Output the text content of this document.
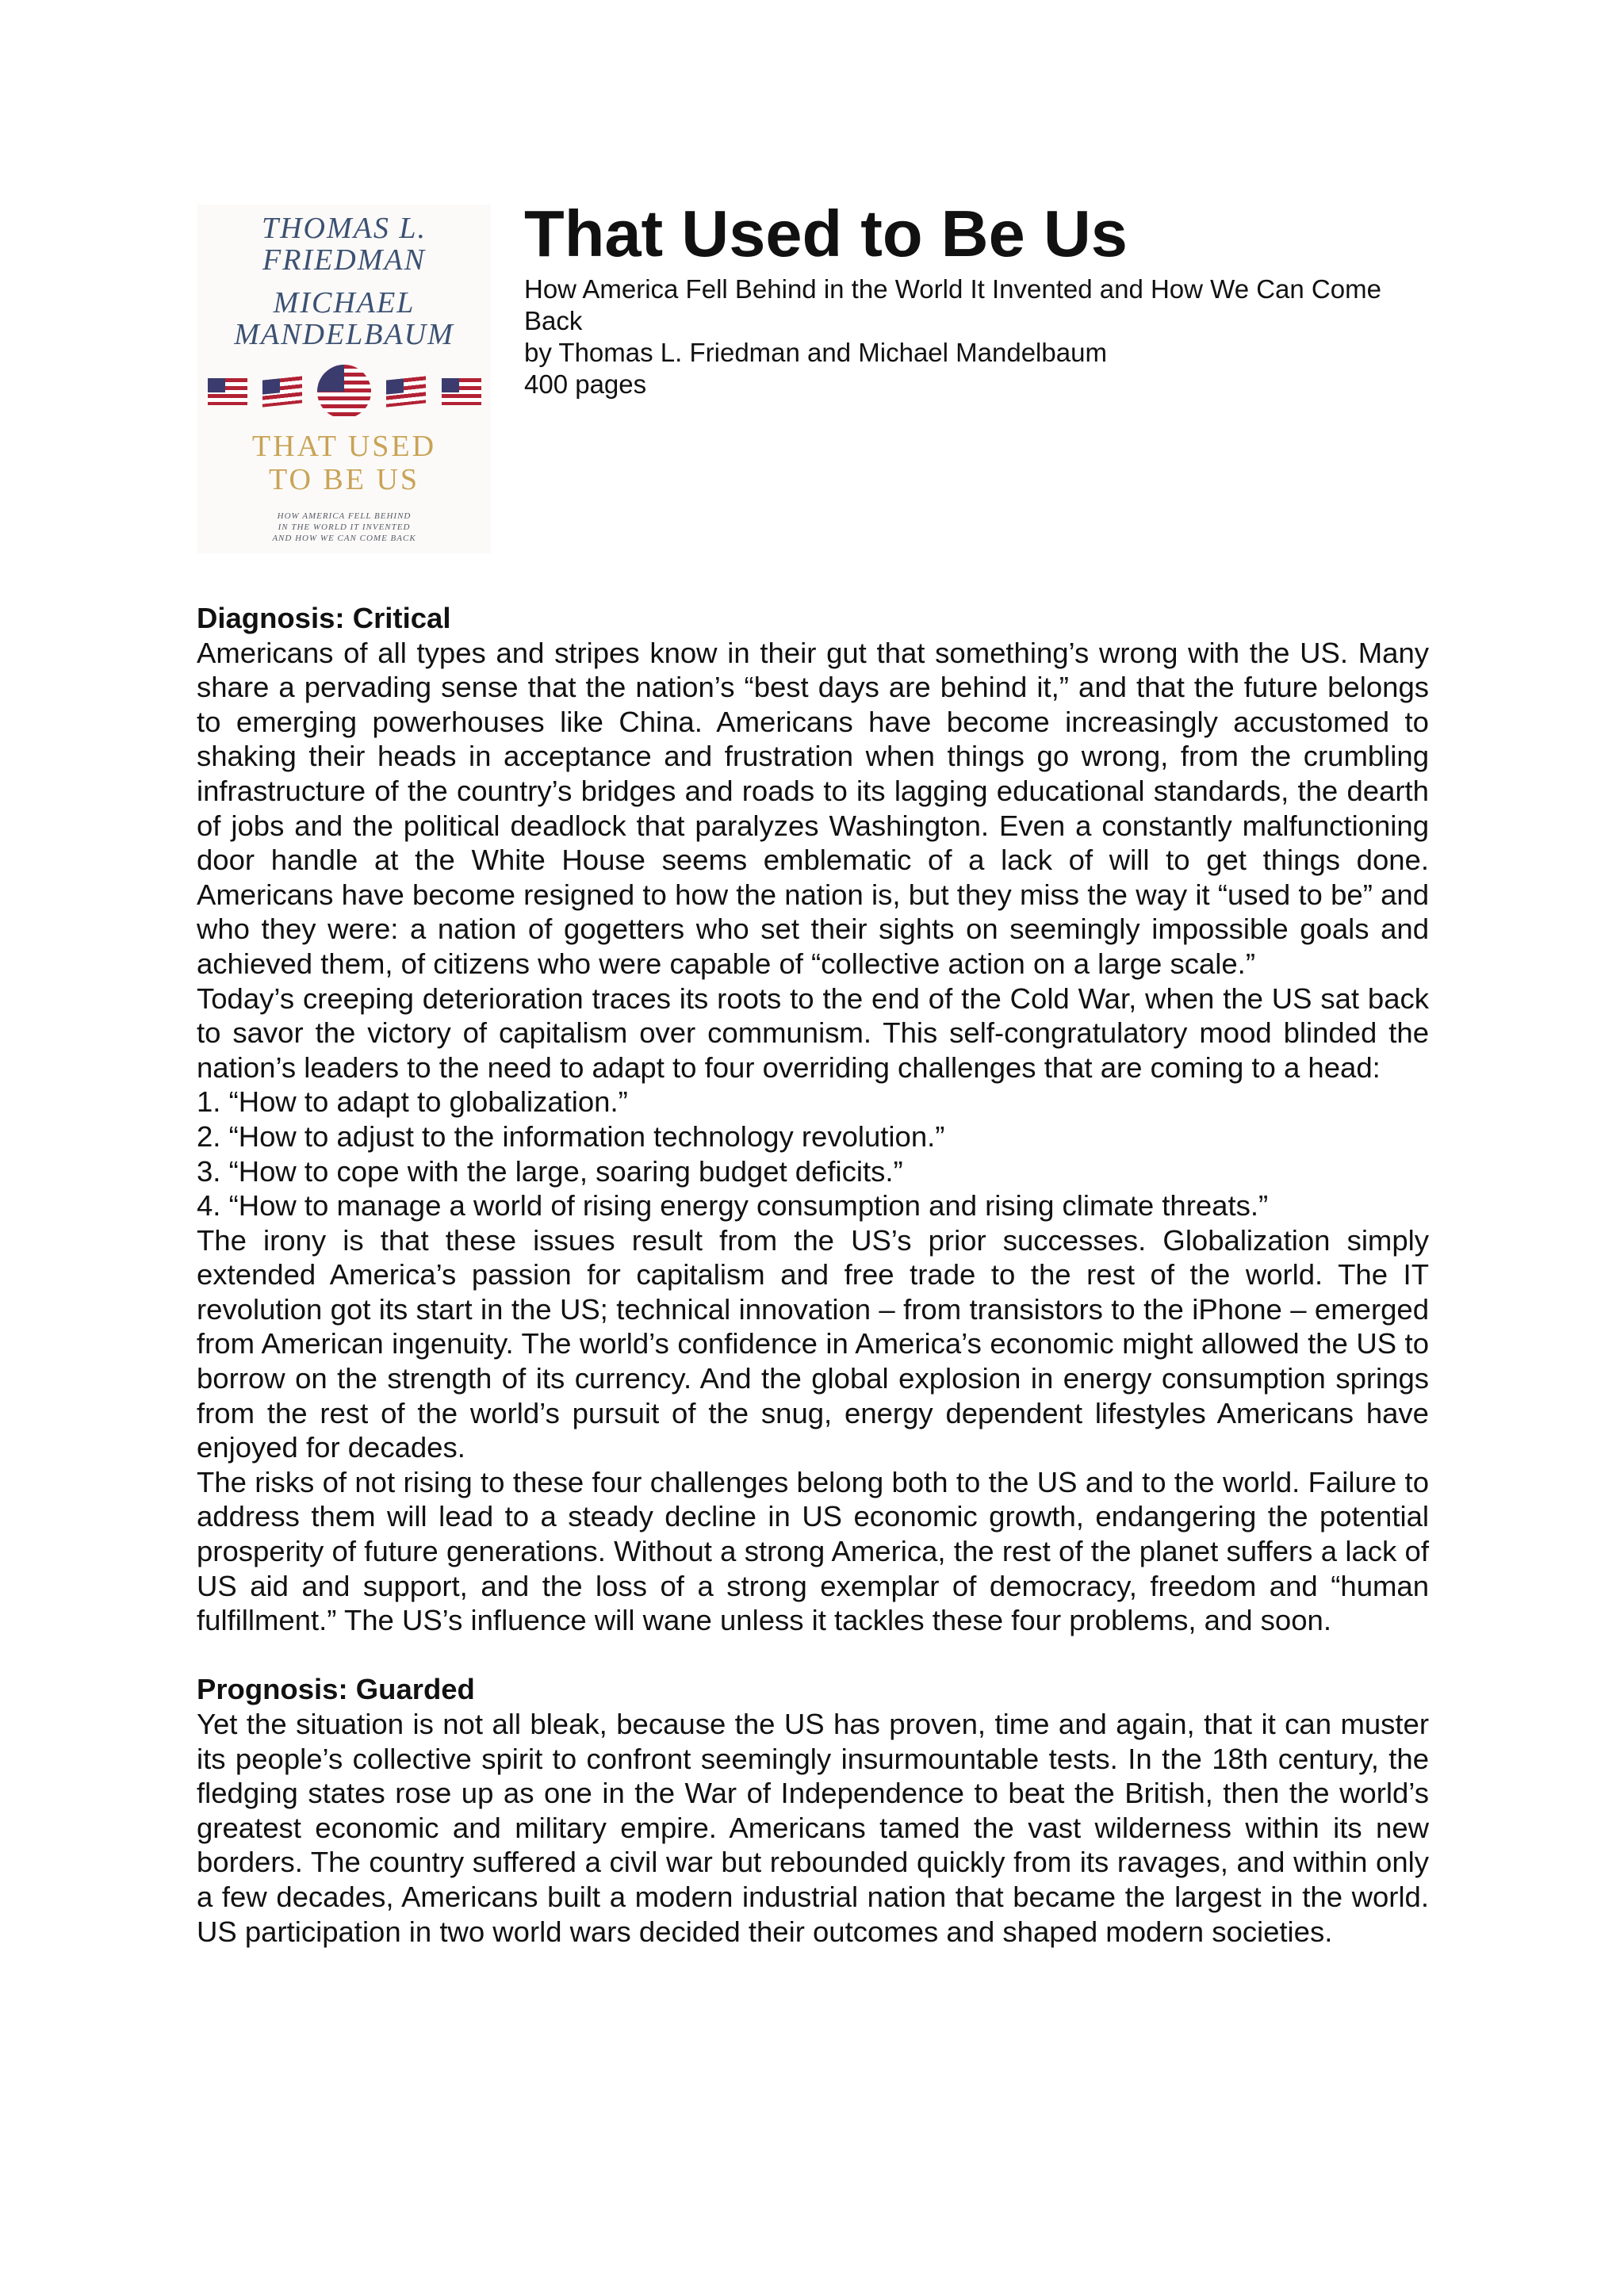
THOMAS L.
FRIEDMAN
MICHAEL
MANDELBAUM
THAT USED
TO BE US
HOW AMERICA FELL BEHIND
IN THE WORLD IT INVENTED
AND HOW WE CAN COME BACK
That Used to Be Us
How America Fell Behind in the World It Invented and How We Can Come Back
by Thomas L. Friedman and Michael Mandelbaum
400 pages
Diagnosis: Critical

Americans of all types and stripes know in their gut that something’s wrong with the US. Many share a pervading sense that the nation’s “best days are behind it,” and that the future belongs to emerging powerhouses like China. Americans have become increasingly accustomed to shaking their heads in acceptance and frustration when things go wrong, from the crumbling infrastructure of the country’s bridges and roads to its lagging educational standards, the dearth of jobs and the political deadlock that paralyzes Washington. Even a constantly malfunctioning door handle at the White House seems emblematic of a lack of will to get things done. Americans have become resigned to how the nation is, but they miss the way it “used to be” and who they were: a nation of gogetters who set their sights on seemingly impossible goals and achieved them, of citizens who were capable of “collective action on a large scale.”

Today’s creeping deterioration traces its roots to the end of the Cold War, when the US sat back to savor the victory of capitalism over communism. This self-congratulatory mood blinded the nation’s leaders to the need to adapt to four overriding challenges that are coming to a head:

1. “How to adapt to globalization.”
2. “How to adjust to the information technology revolution.”
3. “How to cope with the large, soaring budget deficits.”
4. “How to manage a world of rising energy consumption and rising climate threats.”

The irony is that these issues result from the US’s prior successes. Globalization simply extended America’s passion for capitalism and free trade to the rest of the world. The IT revolution got its start in the US; technical innovation – from transistors to the iPhone – emerged from American ingenuity. The world’s confidence in America’s economic might allowed the US to borrow on the strength of its currency. And the global explosion in energy consumption springs from the rest of the world’s pursuit of the snug, energy dependent lifestyles Americans have enjoyed for decades.

The risks of not rising to these four challenges belong both to the US and to the world. Failure to address them will lead to a steady decline in US economic growth, endangering the potential prosperity of future generations. Without a strong America, the rest of the planet suffers a lack of US aid and support, and the loss of a strong exemplar of democracy, freedom and “human fulfillment.” The US’s influence will wane unless it tackles these four problems, and soon.

Prognosis: Guarded

Yet the situation is not all bleak, because the US has proven, time and again, that it can muster its people’s collective spirit to confront seemingly insurmountable tests. In the 18th century, the fledging states rose up as one in the War of Independence to beat the British, then the world’s greatest economic and military empire. Americans tamed the vast wilderness within its new borders. The country suffered a civil war but rebounded quickly from its ravages, and within only a few decades, Americans built a modern industrial nation that became the largest in the world. US participation in two world wars decided their outcomes and shaped modern societies.
